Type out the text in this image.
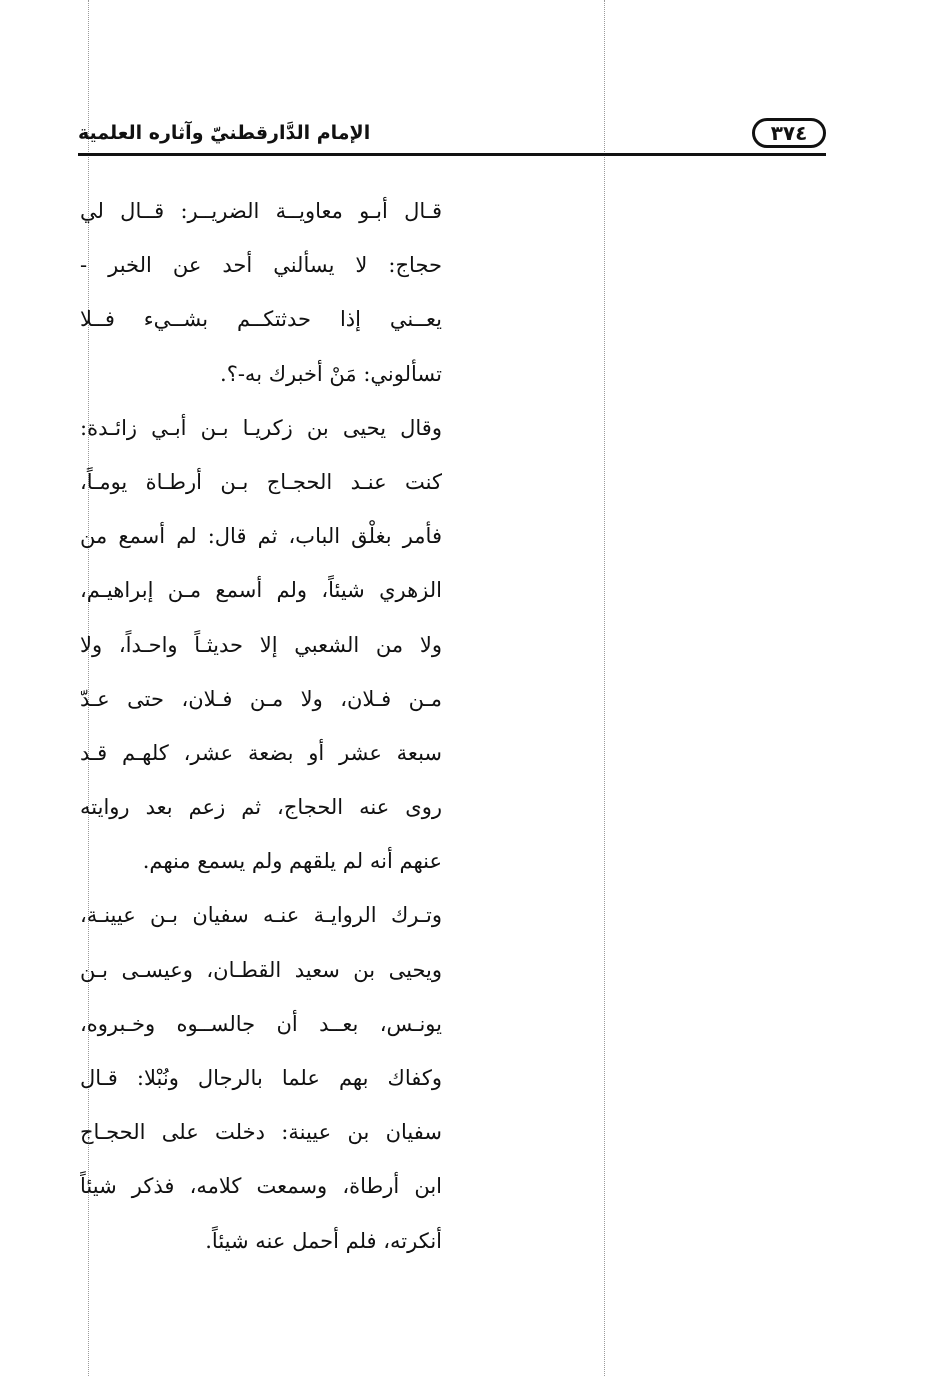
٣٧٤
الإمام الدَّارقطنيّ وآثاره العلمية
قـال أبـو معاويــة الضريــر: قــال لي
حجاج: لا يسألني أحد عن الخبر -
يعــني إذا حدثتكــم بشــيء فــلا
تسألوني: مَنْ أخبرك به-؟.
وقال يحيى بن زكريـا بـن أبـي زائـدة:
كنت عنـد الحجـاج بـن أرطـاة يومـاً،
فأمر بغلْق الباب، ثم قال: لم أسمع من
الزهري شيئاً، ولم أسمع مـن إبراهيـم،
ولا من الشعبي إلا حديثـاً واحـداً، ولا
مـن فـلان، ولا مـن فـلان، حتى عـدّ
سبعة عشر أو بضعة عشر، كلهـم قـد
روى عنه الحجاج، ثم زعم بعد روايته
عنهم أنه لم يلقهم ولم يسمع منهم.
وتـرك الروايـة عنـه سفيان بـن عيينـة،
ويحيى بن سعيد القطـان، وعيسـى بـن
يونـس، بعــد أن جالســوه وخـبروه،
وكفاك بهم علما بالرجال ونُبْلا: قـال
سفيان بن عيينة: دخلت على الحجـاج
ابن أرطاة، وسمعت كلامه، فذكر شيئاً
أنكرته، فلم أحمل عنه شيئاً.
